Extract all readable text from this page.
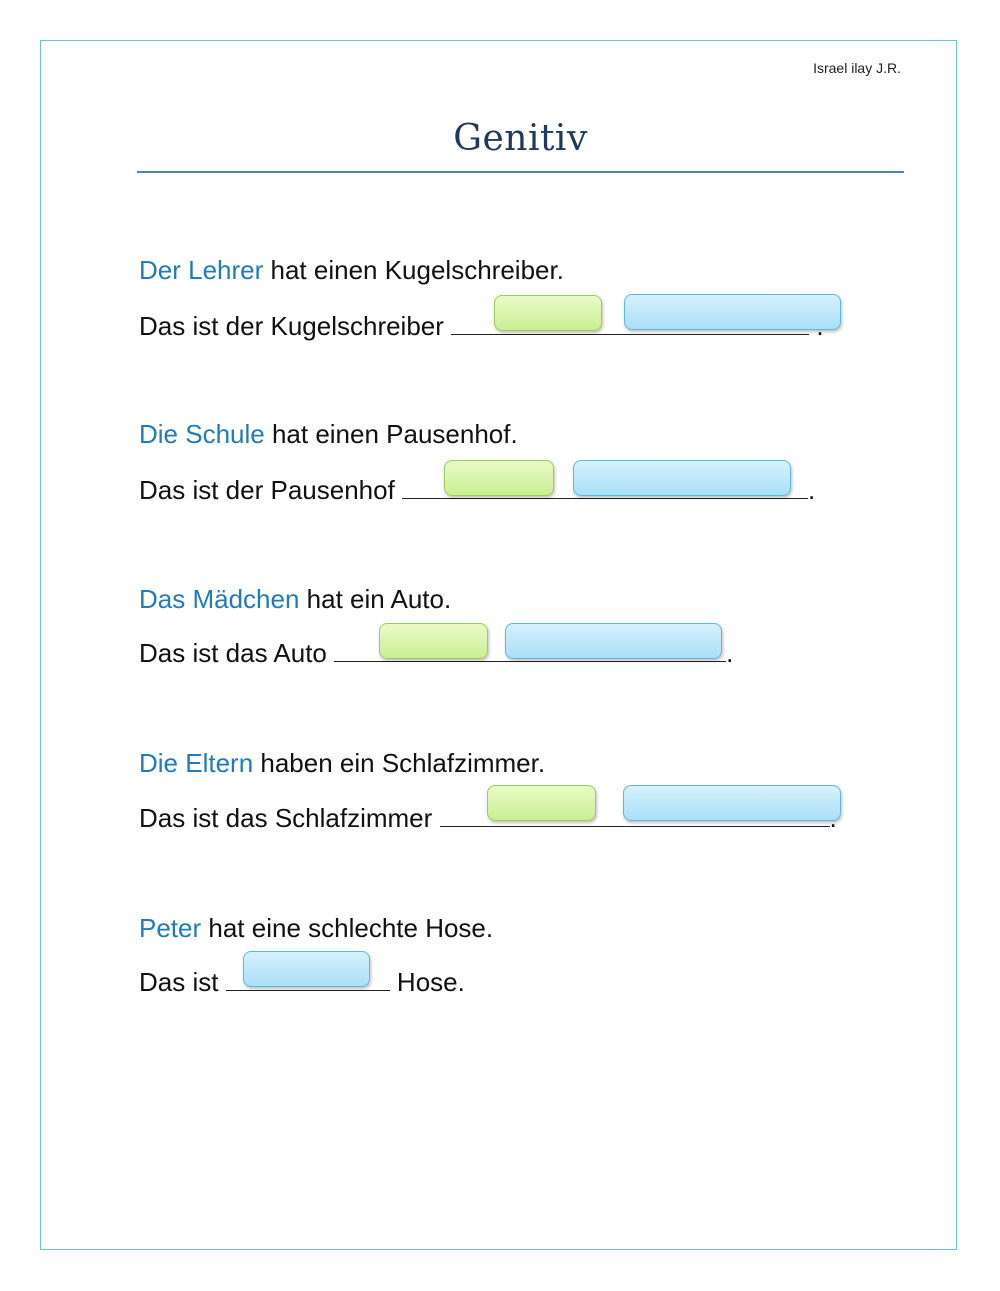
Israel ilay J.R.
Genitiv
Der Lehrer hat einen Kugelschreiber.
Das ist der Kugelschreiber
Die Schule hat einen Pausenhof.
Das ist der Pausenhof	.
Das Mädchen hat ein Auto.
Das ist das Auto	.
Die Eltern haben ein Schlafzimmer.
Das ist das Schlafzimmer
Peter hat eine schlechte Hose.
Das ist	Hose.
